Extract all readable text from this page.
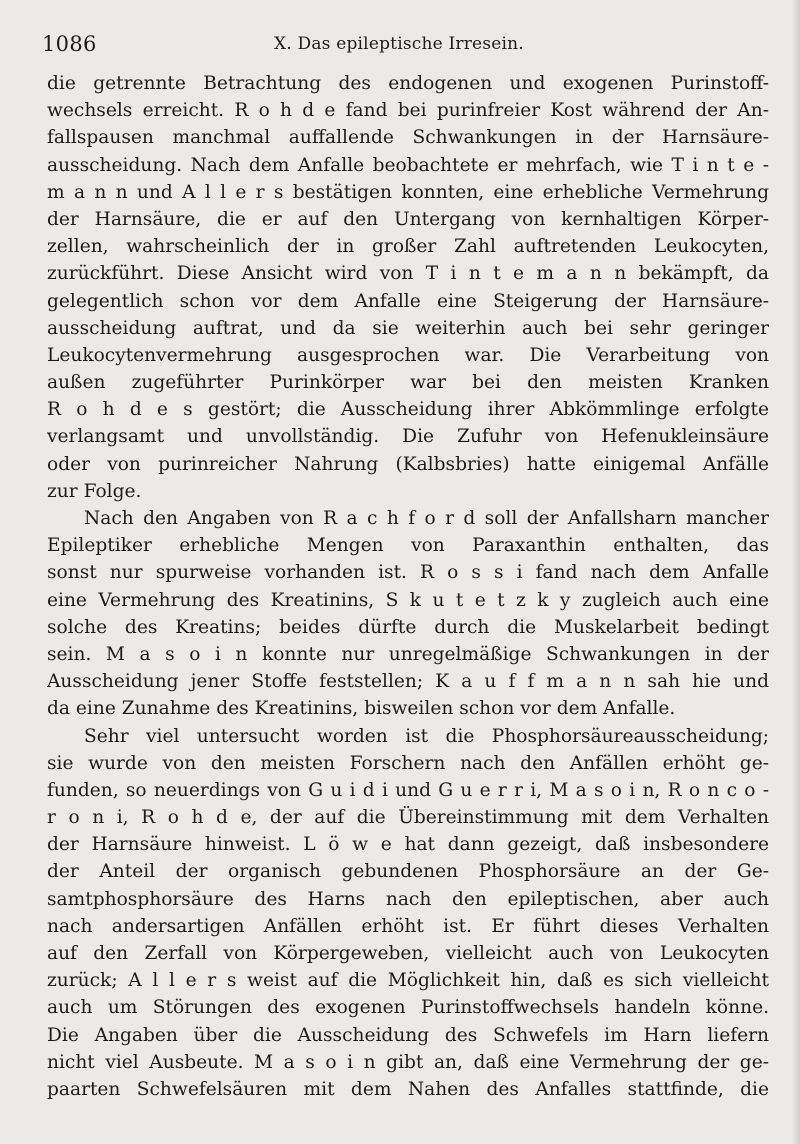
1086	X. Das epileptische Irresein.
die getrennte Betrachtung des endogenen und exogenen Purinstoff-
wechsels erreicht. R o h d e fand bei purinfreier Kost während der An-
fallspausen manchmal auffallende Schwankungen in der Harnsäure-
ausscheidung. Nach dem Anfalle beobachtete er mehrfach, wie T i n t e -
m a n n und A l l e r s bestätigen konnten, eine erhebliche Vermehrung
der Harnsäure, die er auf den Untergang von kernhaltigen Körper-
zellen, wahrscheinlich der in großer Zahl auftretenden Leukocyten,
zurückführt. Diese Ansicht wird von T i n t e m a n n bekämpft, da
gelegentlich schon vor dem Anfalle eine Steigerung der Harnsäure-
ausscheidung auftrat, und da sie weiterhin auch bei sehr geringer
Leukocytenvermehrung ausgesprochen war. Die Verarbeitung von
außen zugeführter Purinkörper war bei den meisten Kranken
R o h d e s gestört; die Ausscheidung ihrer Abkömmlinge erfolgte
verlangsamt und unvollständig. Die Zufuhr von Hefenukleinsäure
oder von purinreicher Nahrung (Kalbsbries) hatte einigemal Anfälle
zur Folge.
Nach den Angaben von R a c h f o r d soll der Anfallsharn mancher
Epileptiker erhebliche Mengen von Paraxanthin enthalten, das
sonst nur spurweise vorhanden ist. R o s s i fand nach dem Anfalle
eine Vermehrung des Kreatinins, S k u t e t z k y zugleich auch eine
solche des Kreatins; beides dürfte durch die Muskelarbeit bedingt
sein. M a s o i n konnte nur unregelmäßige Schwankungen in der
Ausscheidung jener Stoffe feststellen; K a u f f m a n n sah hie und
da eine Zunahme des Kreatinins, bisweilen schon vor dem Anfalle.
Sehr viel untersucht worden ist die Phosphorsäureausscheidung;
sie wurde von den meisten Forschern nach den Anfällen erhöht ge-
funden, so neuerdings von G u i d i und G u e r r i, M a s o i n, R o n c o -
r o n i, R o h d e, der auf die Übereinstimmung mit dem Verhalten
der Harnsäure hinweist. L ö w e hat dann gezeigt, daß insbesondere
der Anteil der organisch gebundenen Phosphorsäure an der Ge-
samtphosphorsäure des Harns nach den epileptischen, aber auch
nach andersartigen Anfällen erhöht ist. Er führt dieses Verhalten
auf den Zerfall von Körpergeweben, vielleicht auch von Leukocyten
zurück; A l l e r s weist auf die Möglichkeit hin, daß es sich vielleicht
auch um Störungen des exogenen Purinstoffwechsels handeln könne.
Die Angaben über die Ausscheidung des Schwefels im Harn liefern
nicht viel Ausbeute. M a s o i n gibt an, daß eine Vermehrung der ge-
paarten Schwefelsäuren mit dem Nahen des Anfalles stattfinde, die
